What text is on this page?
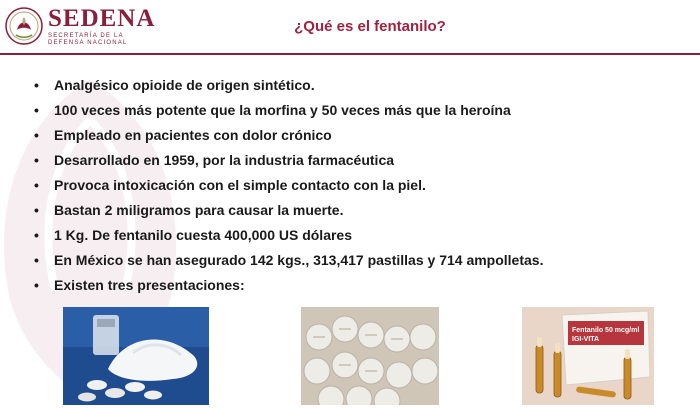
SEDENA
SECRETARÍA DE LA DEFENSA NACIONAL
¿Qué es el fentanilo?
• Analgésico opioide de origen sintético.
• 100 veces más potente que la morfina y 50 veces más que la heroína
• Empleado en pacientes con dolor crónico
• Desarrollado en 1959, por la industria farmacéutica
• Provoca intoxicación con el simple contacto con la piel.
• Bastan 2 miligramos para causar la muerte.
• 1 Kg. De fentanilo cuesta 400,000 US dólares
• En México se han asegurado 142 kgs., 313,417 pastillas y 714 ampolletas.
• Existen tres presentaciones:
Fentanilo 50 mcg/ml
IGI-VITA
